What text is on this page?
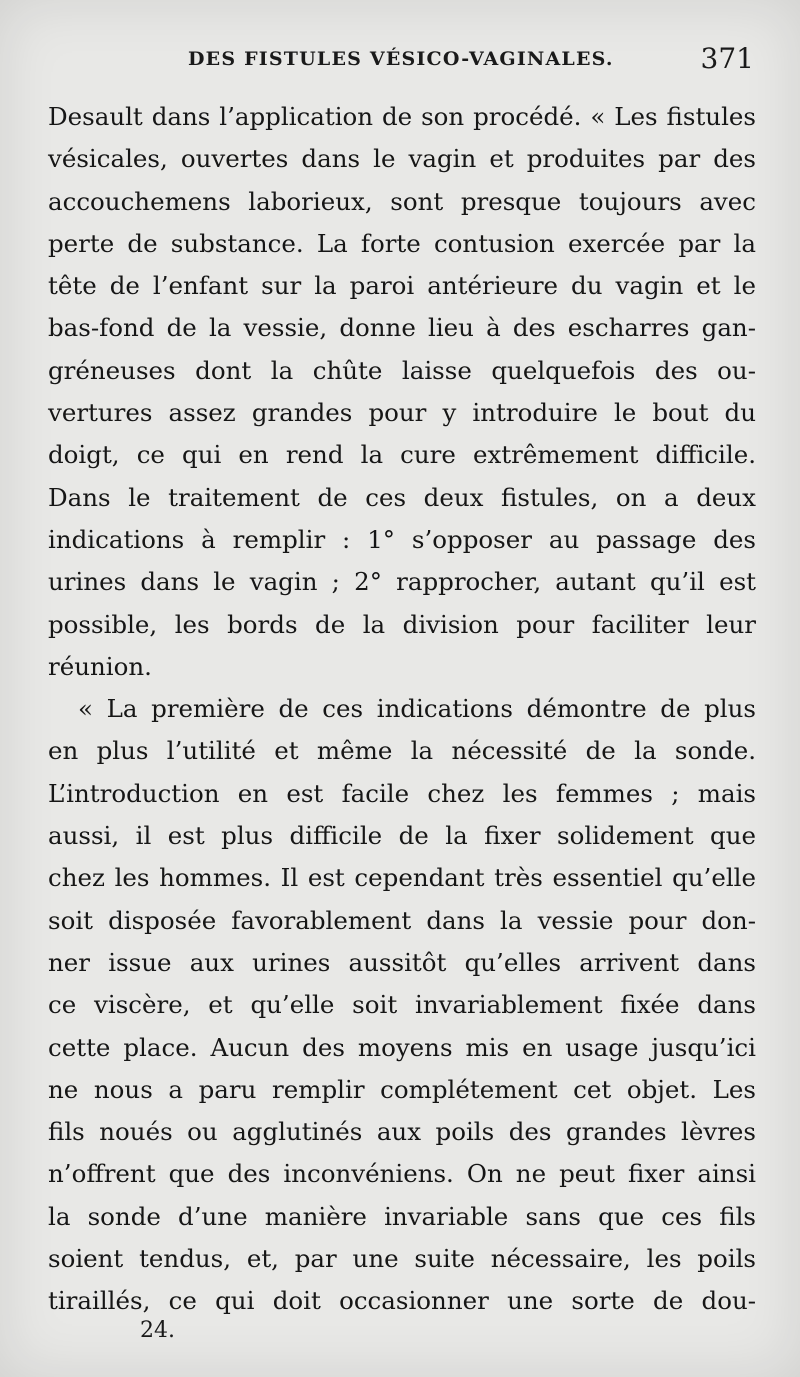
DES FISTULES VÉSICO-VAGINALES.	371
Desault dans l’application de son procédé. « Les fistules
vésicales, ouvertes dans le vagin et produites par des
accouchemens laborieux, sont presque toujours avec
perte de substance. La forte contusion exercée par la
tête de l’enfant sur la paroi antérieure du vagin et le
bas-fond de la vessie, donne lieu à des escharres gan-
gréneuses dont la chûte laisse quelquefois des ou-
vertures assez grandes pour y introduire le bout du
doigt, ce qui en rend la cure extrêmement difficile.
Dans le traitement de ces deux fistules, on a deux
indications à remplir : 1° s’opposer au passage des
urines dans le vagin ; 2° rapprocher, autant qu’il est
possible, les bords de la division pour faciliter leur
réunion.
« La première de ces indications démontre de plus
en plus l’utilité et même la nécessité de la sonde.
L’introduction en est facile chez les femmes ; mais
aussi, il est plus difficile de la fixer solidement que
chez les hommes. Il est cependant très essentiel qu’elle
soit disposée favorablement dans la vessie pour don-
ner issue aux urines aussitôt qu’elles arrivent dans
ce viscère, et qu’elle soit invariablement fixée dans
cette place. Aucun des moyens mis en usage jusqu’ici
ne nous a paru remplir complétement cet objet. Les
fils noués ou agglutinés aux poils des grandes lèvres
n’offrent que des inconvéniens. On ne peut fixer ainsi
la sonde d’une manière invariable sans que ces fils
soient tendus, et, par une suite nécessaire, les poils
tiraillés, ce qui doit occasionner une sorte de dou-
24.
